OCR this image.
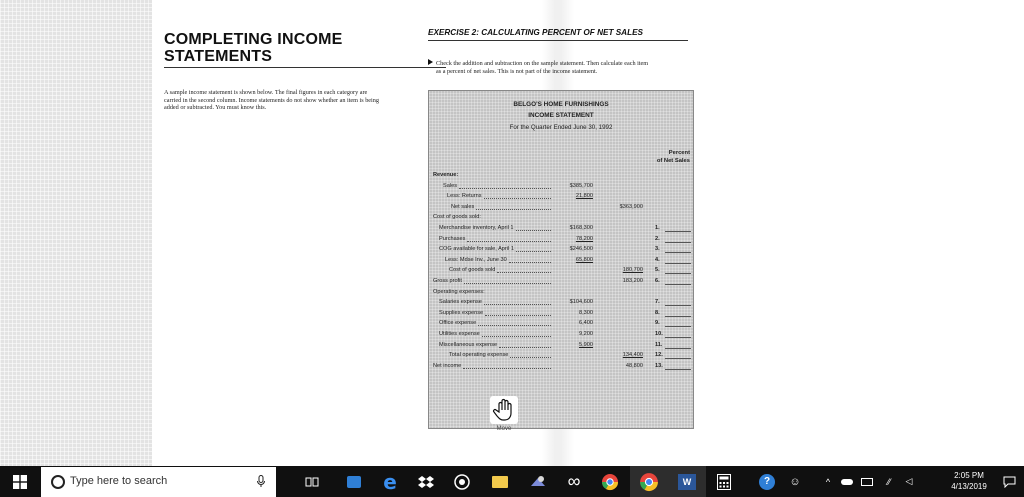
COMPLETING INCOME
STATEMENTS
A sample income statement is shown below. The final figures in each category are
carried in the second column. Income statements do not show whether an item is being
added or subtracted. You must know this.
EXERCISE 2: CALCULATING PERCENT OF NET SALES
Check the addition and subtraction on the sample statement. Then calculate each item
as a percent of net sales. This is not part of the income statement.
BELGO'S HOME FURNISHINGS
INCOME STATEMENT
For the Quarter Ended June 30, 1992
Percent
of Net Sales
Revenue:
Sales	$385,700
Less: Returns	21,800
Net sales	$363,900
Cost of goods sold:
Merchandise inventory, April 1	$168,300	1.
Purchases	78,200	2.
COG available for sale, April 1	$246,500	3.
Less: Mdse Inv., June 30	65,800	4.
Cost of goods sold	180,700 5.
Gross profit	183,200 6.
Operating expenses:
Salaries expense	$104,600	7.
Supplies expense	8,300	8.
Office expense	6,400	9.
Utilities expense	9,200	10.
Miscellaneous expense	5,900	11.
Total operating expense	134,400 12.
Net income	48,800 13.
Move
e	∞	W	?	☺	^	⁄⁄ ◁
Type here to search	2:05 PM
4/13/2019
